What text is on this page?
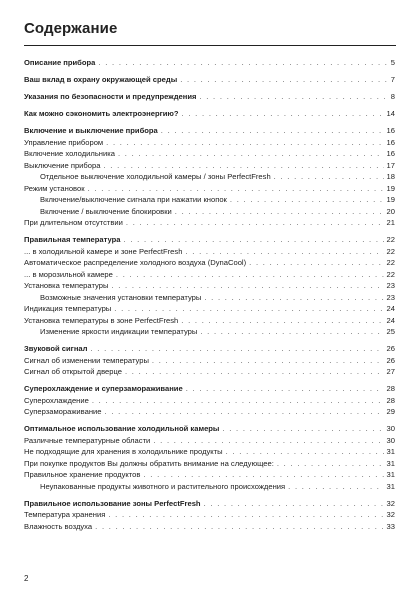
Содержание
Описание прибора . . .	5
Ваш вклад в охрану окружающей среды . . .	7
Указания по безопасности и предупреждения . . .	8
Как можно сэкономить электроэнергию? . . .	14
Включение и выключение прибора . . .	16
Управление прибором . . .	16
Включение холодильника . . .	16
Выключение прибора . . .	17
Отдельное выключение холодильной камеры / зоны PerfectFresh . . .	18
Режим установок . . .	19
Включение/выключение сигнала при нажатии кнопок . . .	19
Включение / выключение блокировки . . .	20
При длительном отсутствии . . .	21
Правильная температура . . .	22
... в холодильной камере и зоне PerfectFresh . . .	22
Автоматическое распределение холодного воздуха (DynaCool) . . .	22
... в морозильной камере . . .	22
Установка температуры . . .	23
Возможные значения установки температуры . . .	23
Индикация температуры . . .	24
Установка температуры в зоне PerfectFresh . . .	24
Изменение яркости индикации температуры . . .	25
Звуковой сигнал . . .	26
Сигнал об изменении температуры . . .	26
Сигнал об открытой дверце . . .	27
Суперохлаждение и суперзамораживание . . .	28
Суперохлаждение . . .	28
Суперзамораживание . . .	29
Оптимальное использование холодильной камеры . . .	30
Различные температурные области . . .	30
Не подходящие для хранения в холодильнике продукты . . .	31
При покупке продуктов Вы должны обратить внимание на следующее: . . .	31
Правильное хранение продуктов . . .	31
Неупакованные продукты животного и растительного происхождения . . .	31
Правильное использование зоны PerfectFresh . . .	32
Температура хранения . . .	32
Влажность воздуха . . .	33
2
